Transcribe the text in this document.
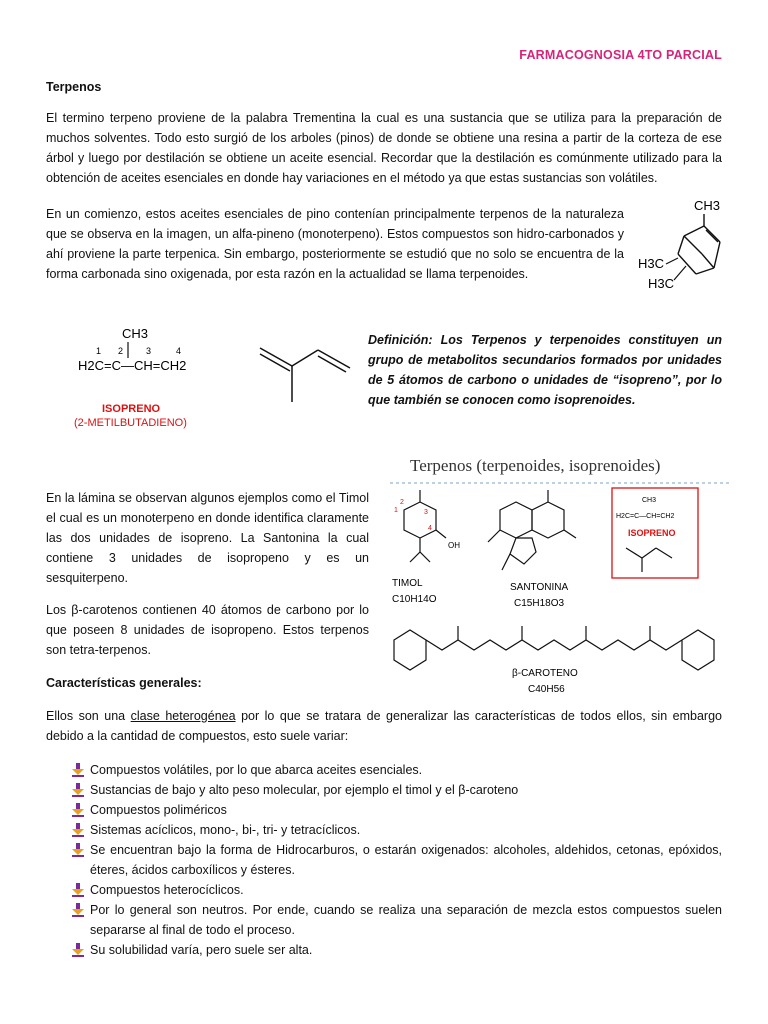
FARMACOGNOSIA 4TO PARCIAL
Terpenos
El termino terpeno proviene de la palabra Trementina la cual es una sustancia que se utiliza para la preparación de muchos solventes. Todo esto surgió de los arboles (pinos) de donde se obtiene una resina a partir de la corteza de ese árbol y luego por destilación se obtiene un aceite esencial. Recordar que la destilación es comúnmente utilizado para la obtención de aceites esenciales en donde hay variaciones en el método ya que estas sustancias son volátiles.
En un comienzo, estos aceites esenciales de pino contenían principalmente terpenos de la naturaleza que se observa en la imagen, un alfa-pineno (monoterpeno). Estos compuestos son hidro-carbonados y ahí proviene la parte terpenica. Sin embargo, posteriormente se estudió que no solo se encuentra de la forma carbonada sino oxigenada, por esta razón en la actualidad se llama terpenoides.
CH3
H3C
H3C
CH3
1 2	3	4
H2C=C—CH=CH2
ISOPRENO
(2-METILBUTADIENO)
Definición: Los Terpenos y terpenoides constituyen un grupo de metabolitos secundarios formados por unidades de 5 átomos de carbono o unidades de “isopreno”, por lo que también se conocen como isoprenoides.
Terpenos (terpenoides, isoprenoides)
OH
1
2
3
4
TIMOL
C10H14O
SANTONINA
C15H18O3
CH3
H2C=C—CH=CH2
ISOPRENO
β-CAROTENO
C40H56
En la lámina se observan algunos ejemplos como el Timol el cual es un monoterpeno en donde identifica claramente las dos unidades de isopreno. La Santonina la cual contiene 3 unidades de isopropeno y es un sesquiterpeno.
Los β-carotenos contienen 40 átomos de carbono por lo que poseen 8 unidades de isopropeno. Estos terpenos son tetra-terpenos.
Características generales:
Ellos son una clase heterogénea por lo que se tratara de generalizar las características de todos ellos, sin embargo debido a la cantidad de compuestos, esto suele variar:
Compuestos volátiles, por lo que abarca aceites esenciales.
Sustancias de bajo y alto peso molecular, por ejemplo el timol y el β-caroteno
Compuestos poliméricos
Sistemas acíclicos, mono-, bi-, tri- y tetracíclicos.
Se encuentran bajo la forma de Hidrocarburos, o estarán oxigenados: alcoholes, aldehidos, cetonas, epóxidos, éteres, ácidos carboxílicos y ésteres.
Compuestos heterocíclicos.
Por lo general son neutros. Por ende, cuando se realiza una separación de mezcla estos compuestos suelen separarse al final de todo el proceso.
Su solubilidad varía, pero suele ser alta.
